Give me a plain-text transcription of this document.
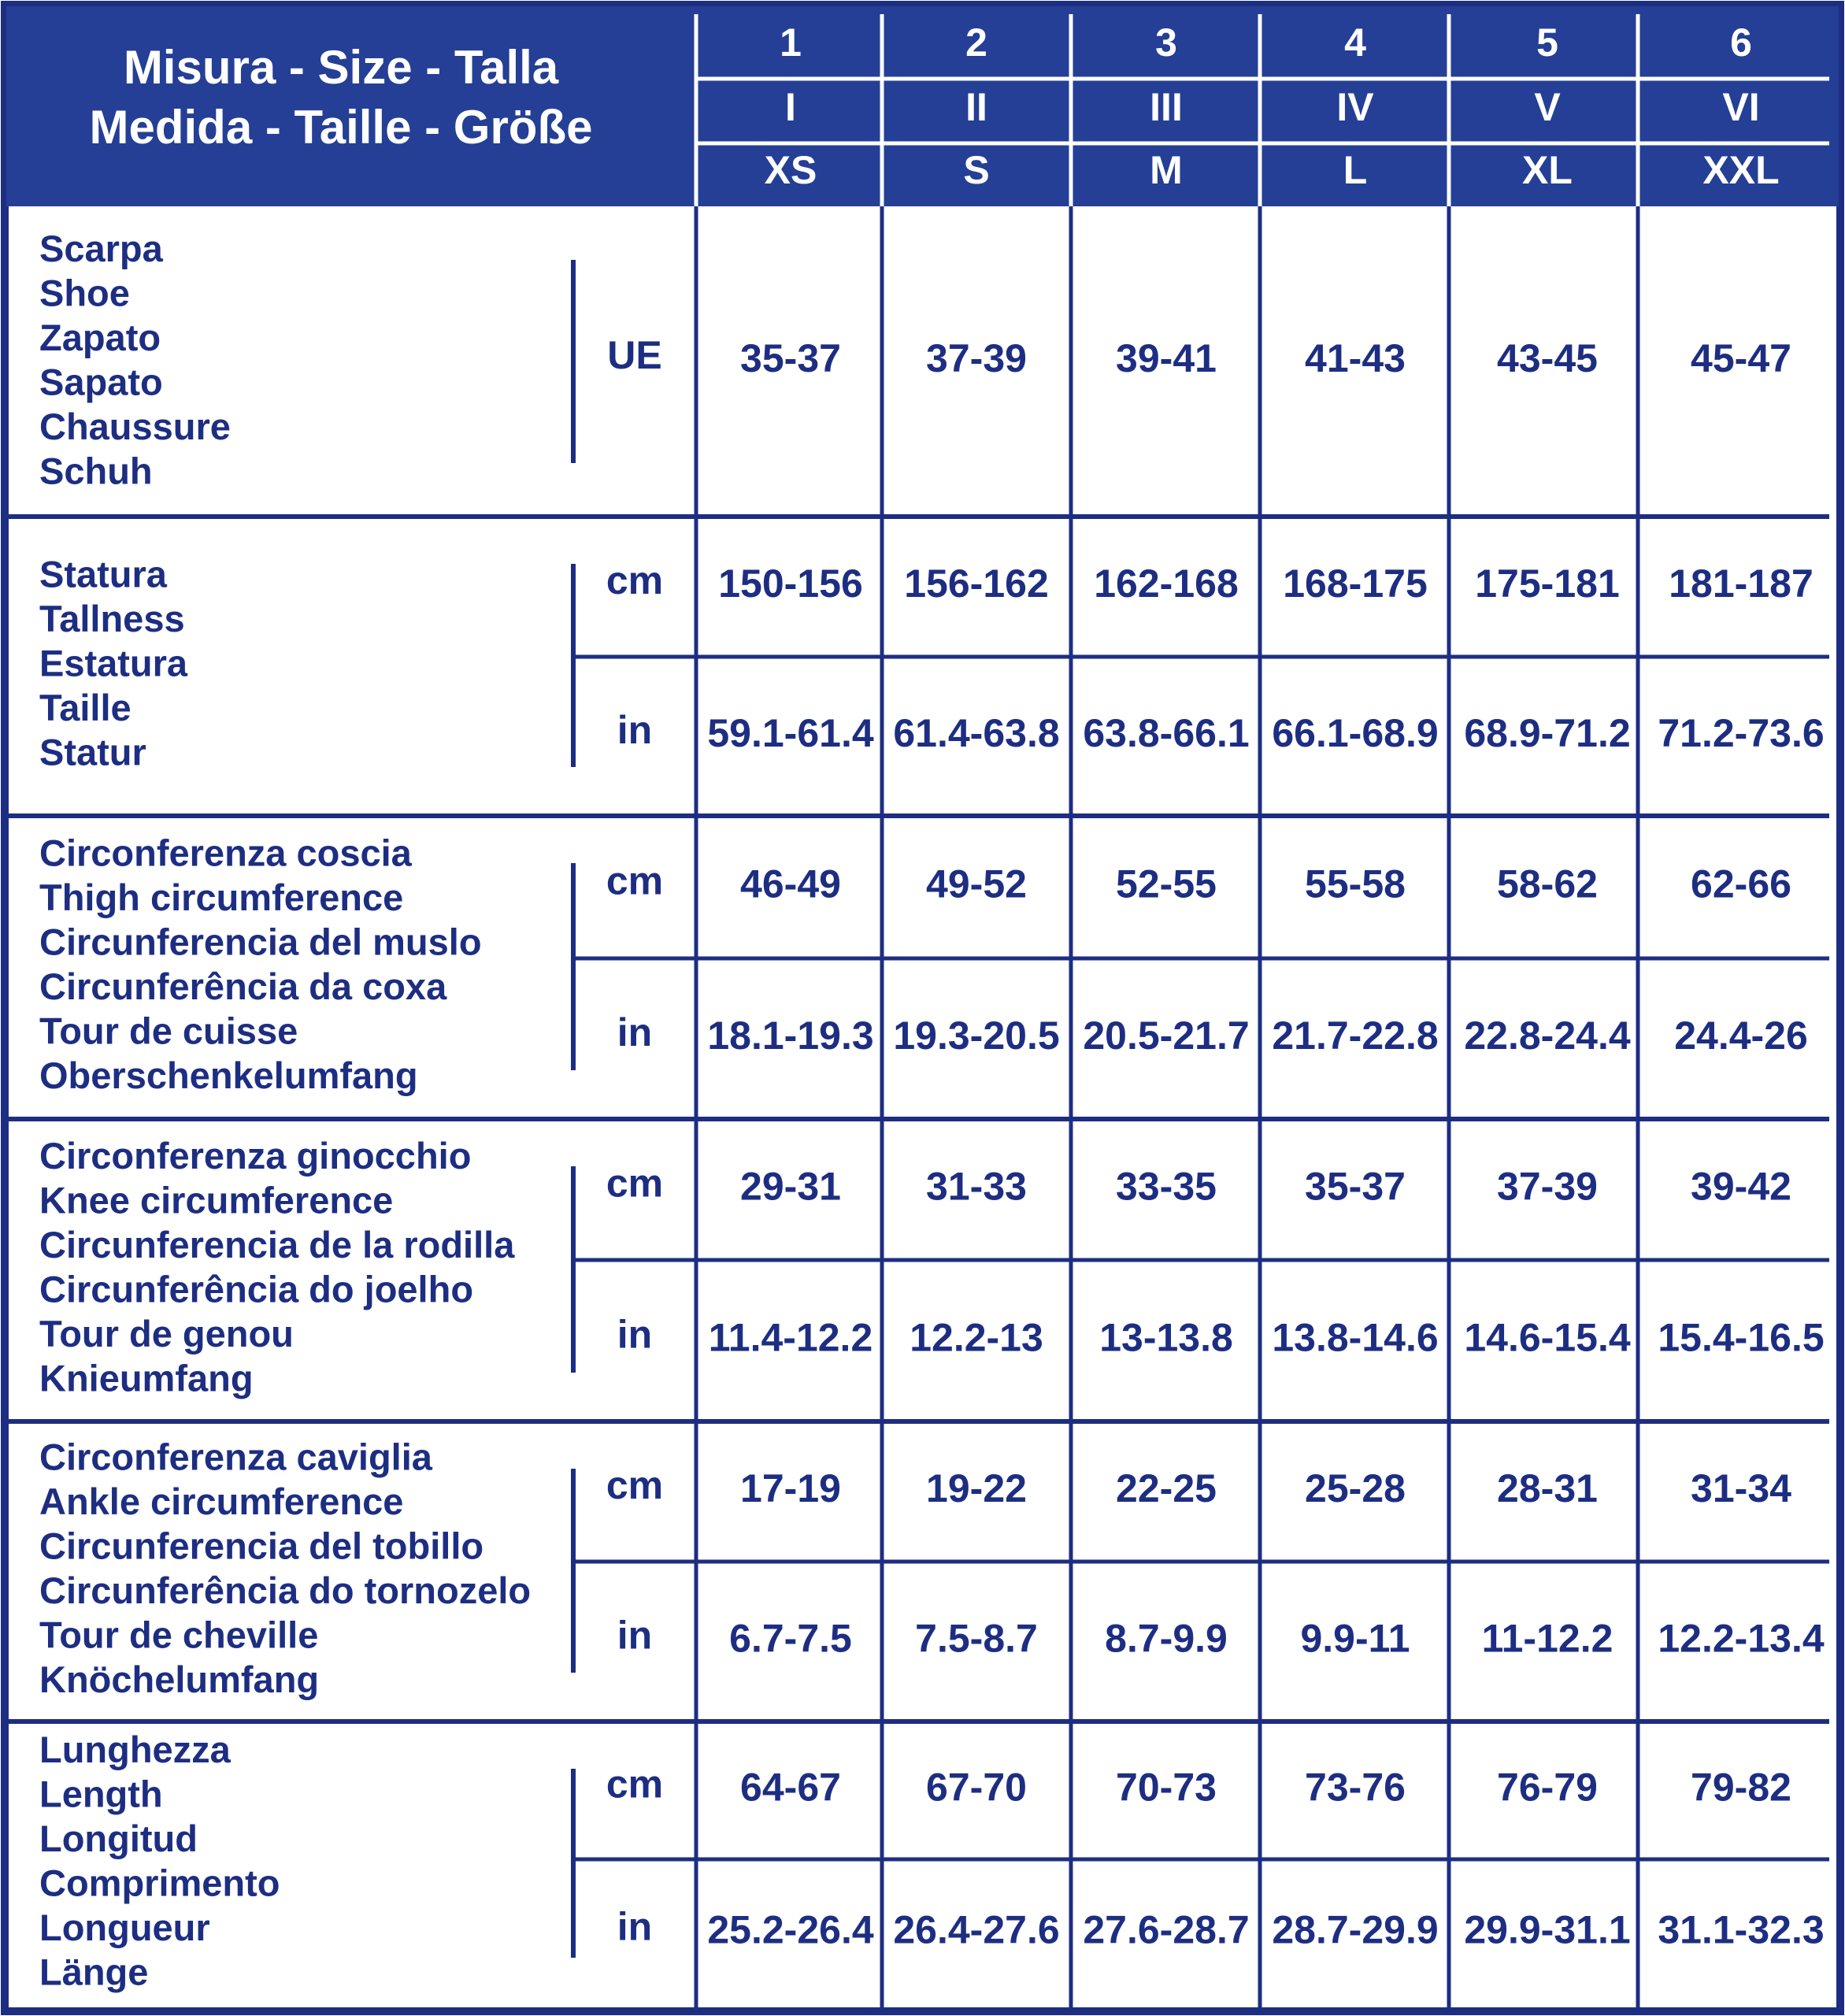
Misura - Size - Talla
Medida - Taille - Größe
1
I
XS
2
II
S
3
III
M
4
IV
L
5
V
XL
6
VI
XXL
Scarpa
Shoe
Zapato
Sapato
Chaussure
Schuh
UE 35-37 37-39 39-41 41-43 43-45 45-47
Statura
Tallness
Estatura
Taille
Statur
cm 150-156 156-162 162-168 168-175 175-181 181-187
in 59.1-61.4 61.4-63.8 63.8-66.1 66.1-68.9 68.9-71.2 71.2-73.6
Circonferenza coscia
Thigh circumference
Circunferencia del muslo
Circunferência da coxa
Tour de cuisse
Oberschenkelumfang
cm 46-49 49-52 52-55 55-58 58-62 62-66
in 18.1-19.3 19.3-20.5 20.5-21.7 21.7-22.8 22.8-24.4 24.4-26
Circonferenza ginocchio
Knee circumference
Circunferencia de la rodilla
Circunferência do joelho
Tour de genou
Knieumfang
cm 29-31 31-33 33-35 35-37 37-39 39-42
in 11.4-12.2 12.2-13 13-13.8 13.8-14.6 14.6-15.4 15.4-16.5
Circonferenza caviglia
Ankle circumference
Circunferencia del tobillo
Circunferência do tornozelo
Tour de cheville
Knöchelumfang
cm 17-19 19-22 22-25 25-28 28-31 31-34
in 6.7-7.5 7.5-8.7 8.7-9.9 9.9-11 11-12.2 12.2-13.4
Lunghezza
Length
Longitud
Comprimento
Longueur
Länge
cm 64-67 67-70 70-73 73-76 76-79 79-82
in 25.2-26.4 26.4-27.6 27.6-28.7 28.7-29.9 29.9-31.1 31.1-32.3
